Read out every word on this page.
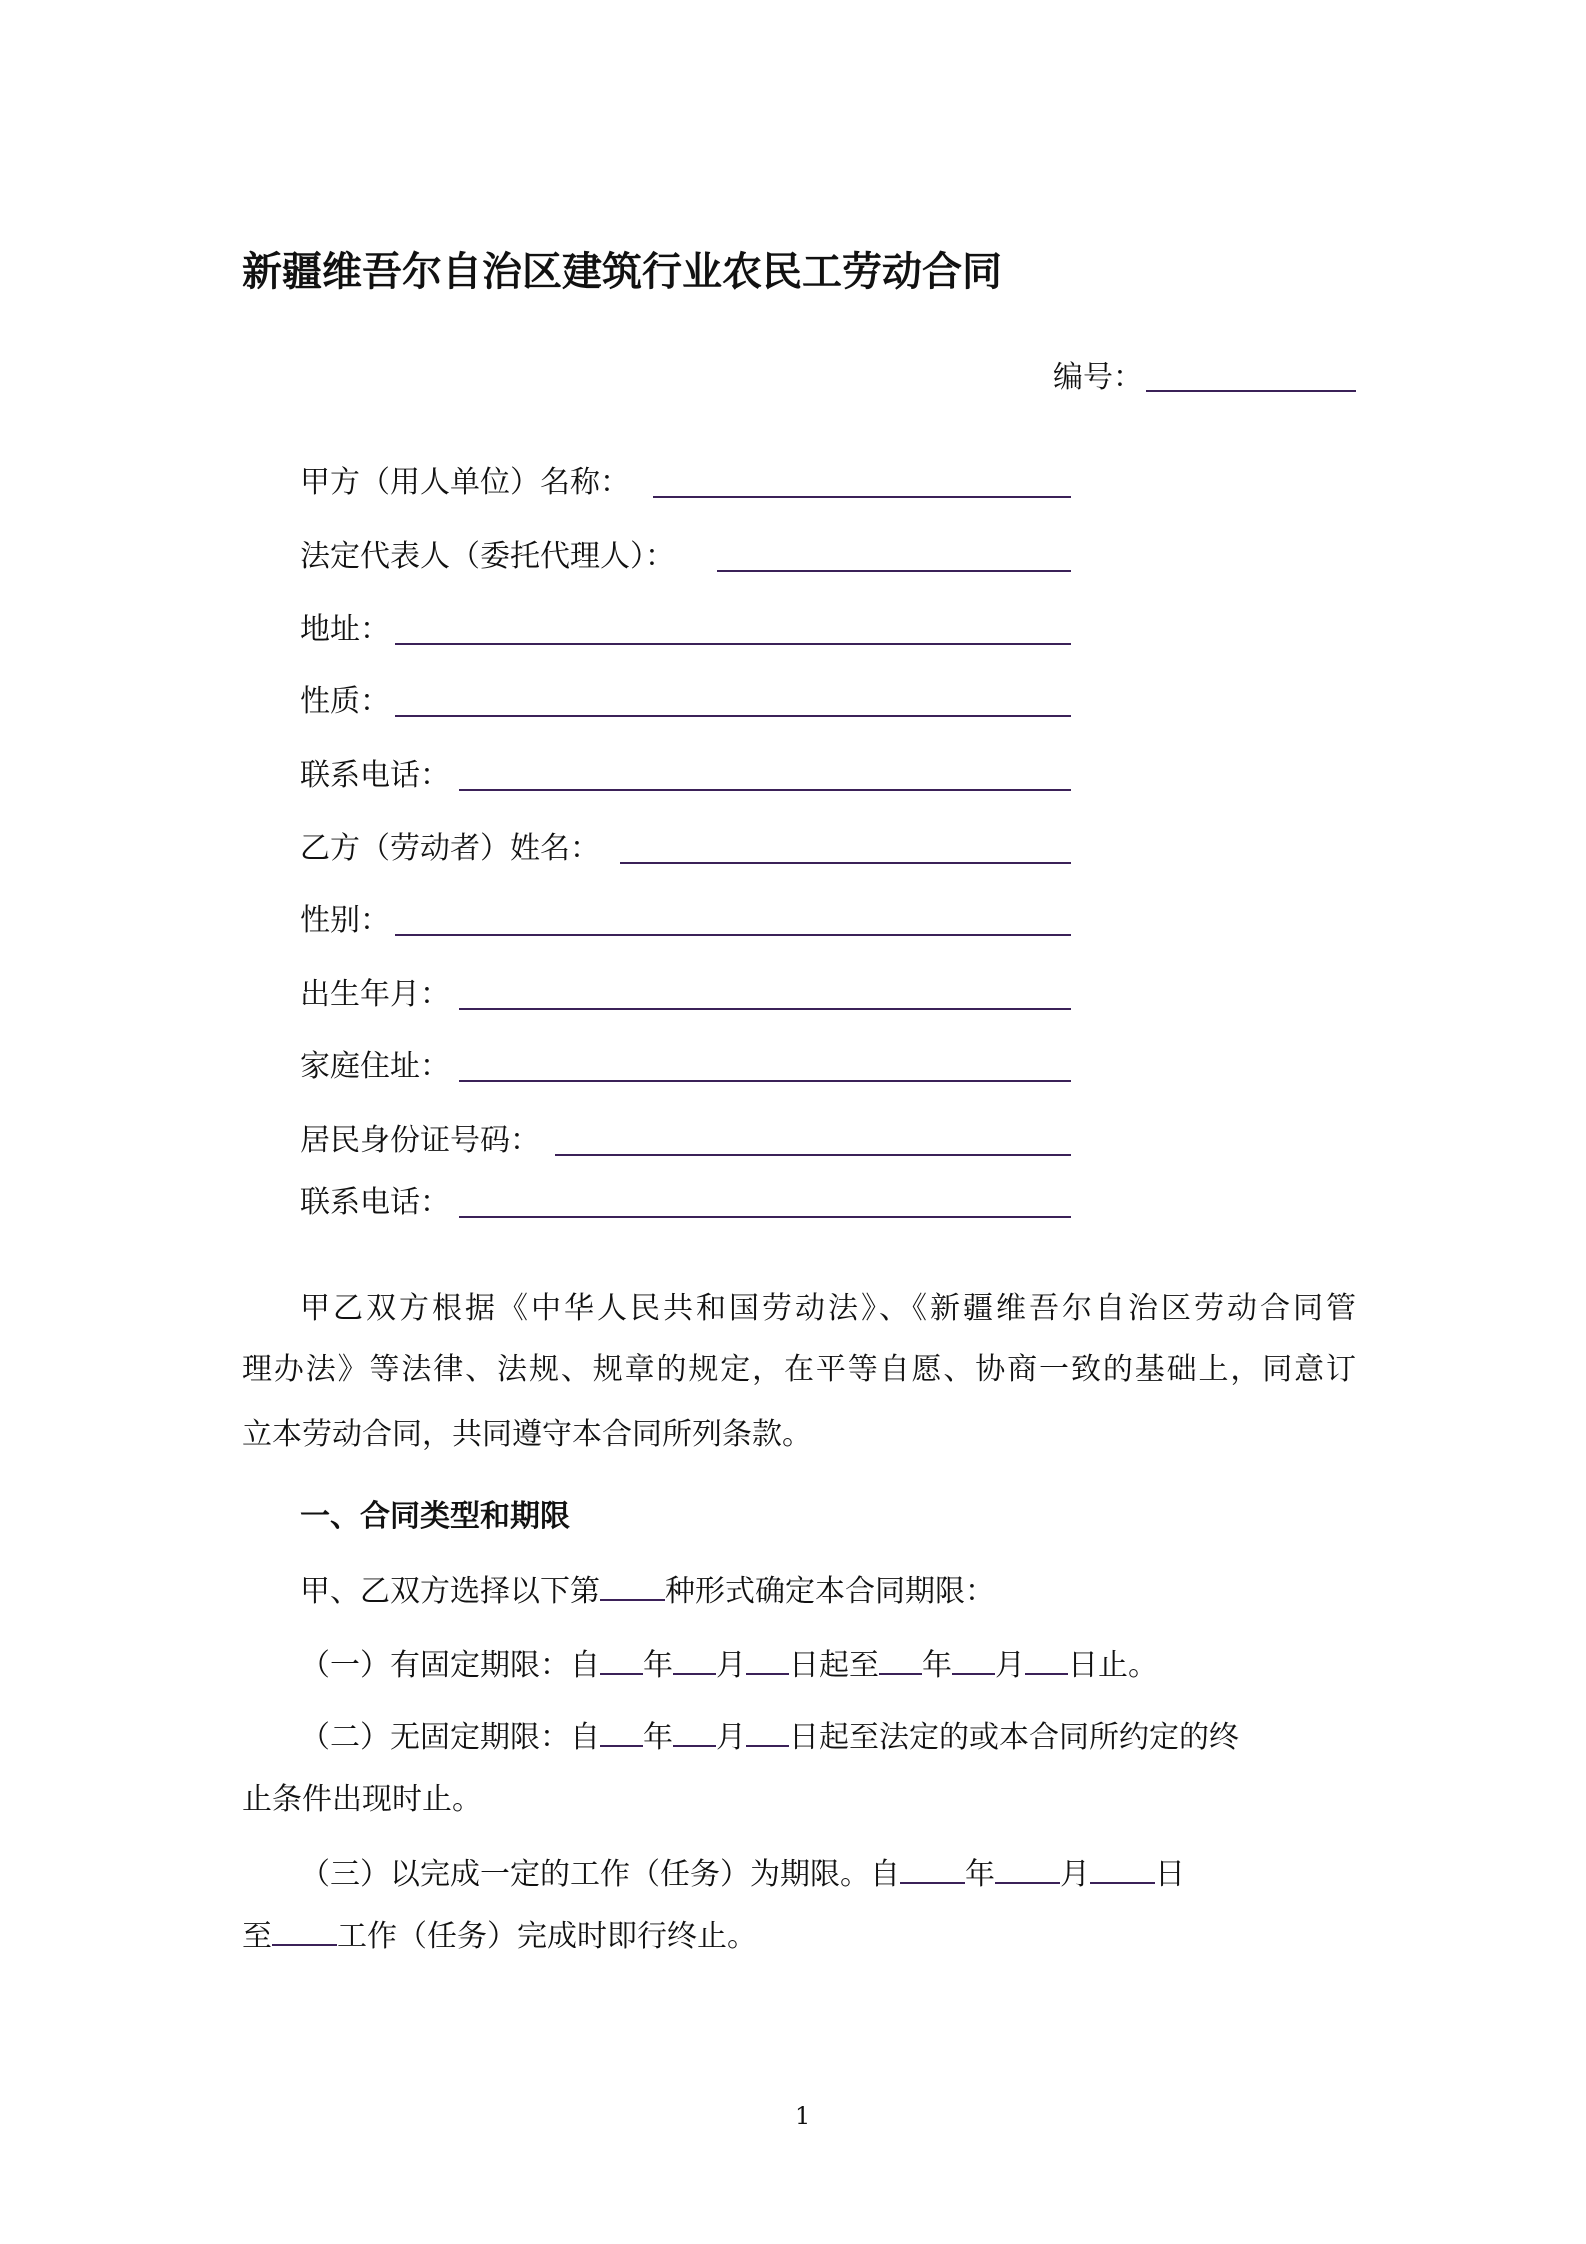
新疆维吾尔自治区建筑行业农民工劳动合同
编号：
甲方（用人单位）名称：
法定代表人（委托代理人）：
地址：
性质：
联系电话：
乙方（劳动者）姓名：
性别：
出生年月：
家庭住址：
居民身份证号码：
联系电话：
甲乙双方根据《中华人民共和国劳动法》、《新疆维吾尔自治区劳动合同管
理办法》等法律、法规、规章的规定，在平等自愿、协商一致的基础上，同意订
立本劳动合同，共同遵守本合同所列条款。
一、合同类型和期限
甲、乙双方选择以下第 种形式确定本合同期限：
（一）有固定期限：自 年 月 日起至 年 月 日止。
（二）无固定期限：自 年 月 日起至法定的或本合同所约定的终
止条件出现时止。
（三）以完成一定的工作（任务）为期限。自 年 月 日
至 工作（任务）完成时即行终止。
1
